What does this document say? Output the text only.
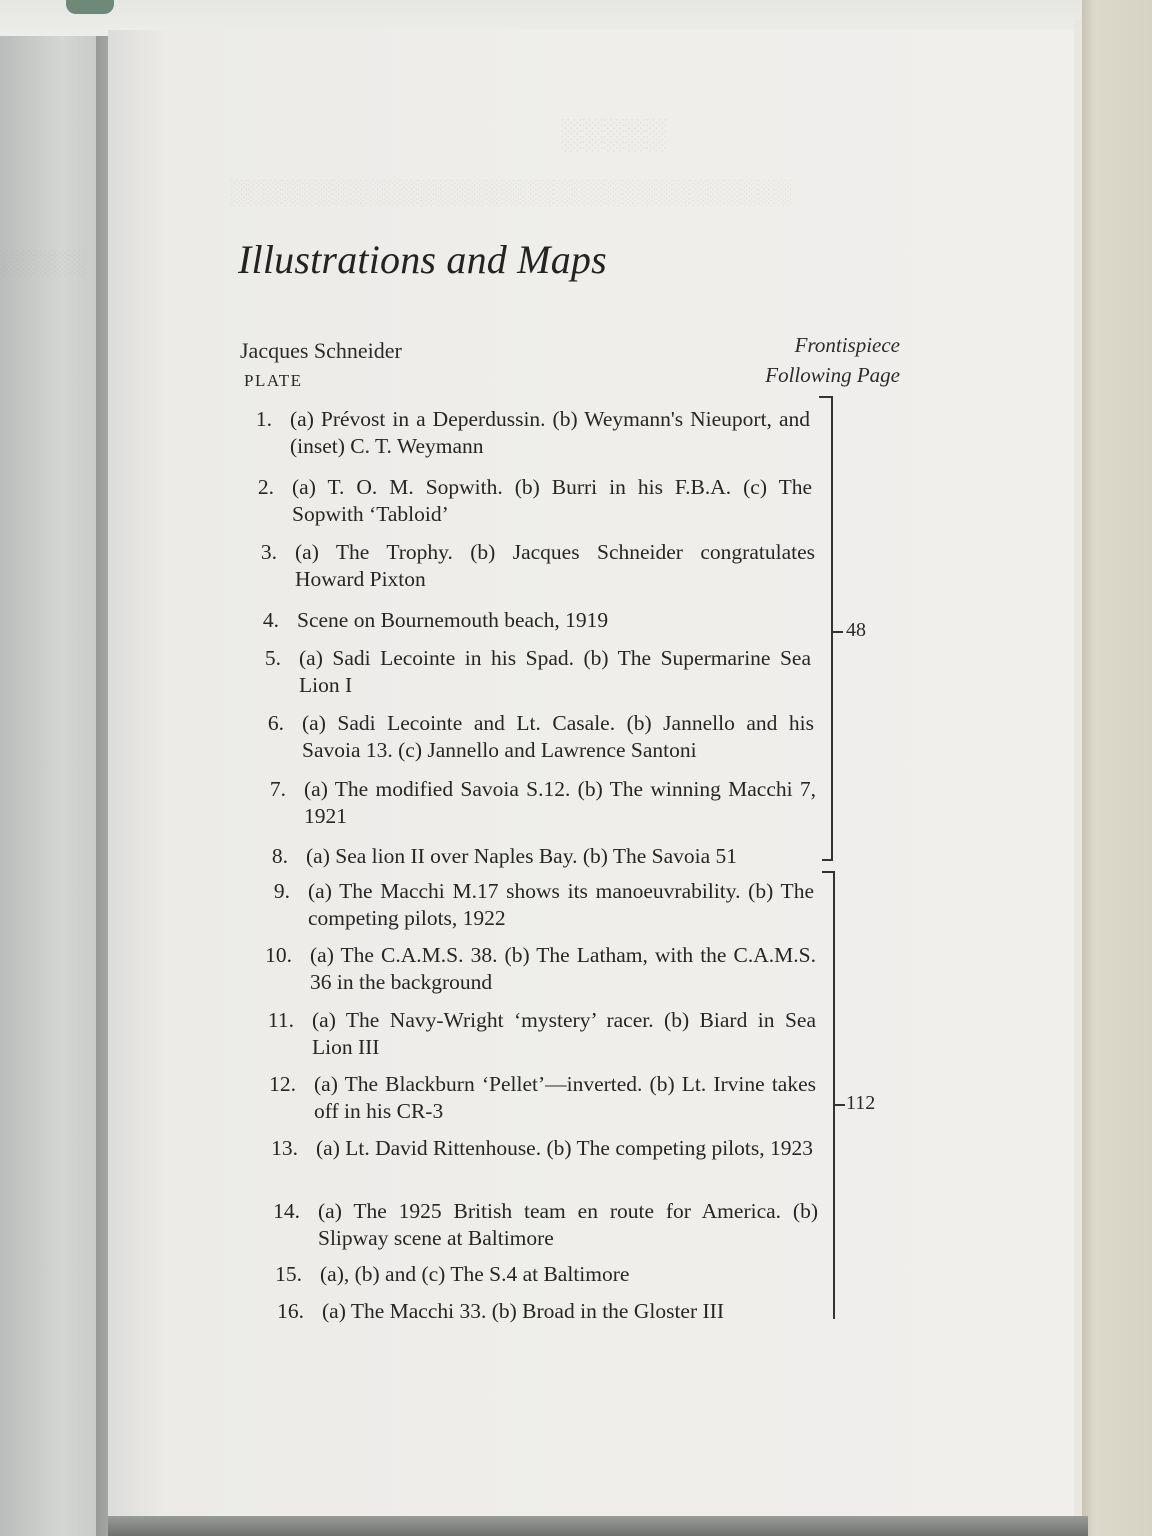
░░░░░
░░░░░░░░░░░░░░░░░░░░░░░░░░░░░░░░░
░░░░░	Illustrations and Maps
Jacques Schneider
PLATE
Frontispiece
Following Page
1. (a) Prévost in a Deperdussin. (b) Weymann's Nieuport, and (inset) C. T. Weymann
2. (a) T. O. M. Sopwith. (b) Burri in his F.B.A. (c) The Sopwith ‘Tabloid’
3. (a) The Trophy. (b) Jacques Schneider congratulates Howard Pixton
4. Scene on Bournemouth beach, 1919
5. (a) Sadi Lecointe in his Spad. (b) The Supermarine Sea Lion I
6. (a) Sadi Lecointe and Lt. Casale. (b) Jannello and his Savoia 13. (c) Jannello and Lawrence Santoni
7. (a) The modified Savoia S.12. (b) The winning Macchi 7, 1921
8. (a) Sea lion II over Naples Bay. (b) The Savoia 51
9. (a) The Macchi M.17 shows its manoeuvrability. (b) The competing pilots, 1922
10. (a) The C.A.M.S. 38. (b) The Latham, with the C.A.M.S. 36 in the background
11. (a) The Navy-Wright ‘mystery’ racer. (b) Biard in Sea Lion III
12. (a) The Blackburn ‘Pellet’—inverted. (b) Lt. Irvine takes off in his CR-3
13. (a) Lt. David Rittenhouse. (b) The competing pilots, 1923
14. (a) The 1925 British team en route for America. (b) Slipway scene at Baltimore
15. (a), (b) and (c) The S.4 at Baltimore
16. (a) The Macchi 33. (b) Broad in the Gloster III
48
112
